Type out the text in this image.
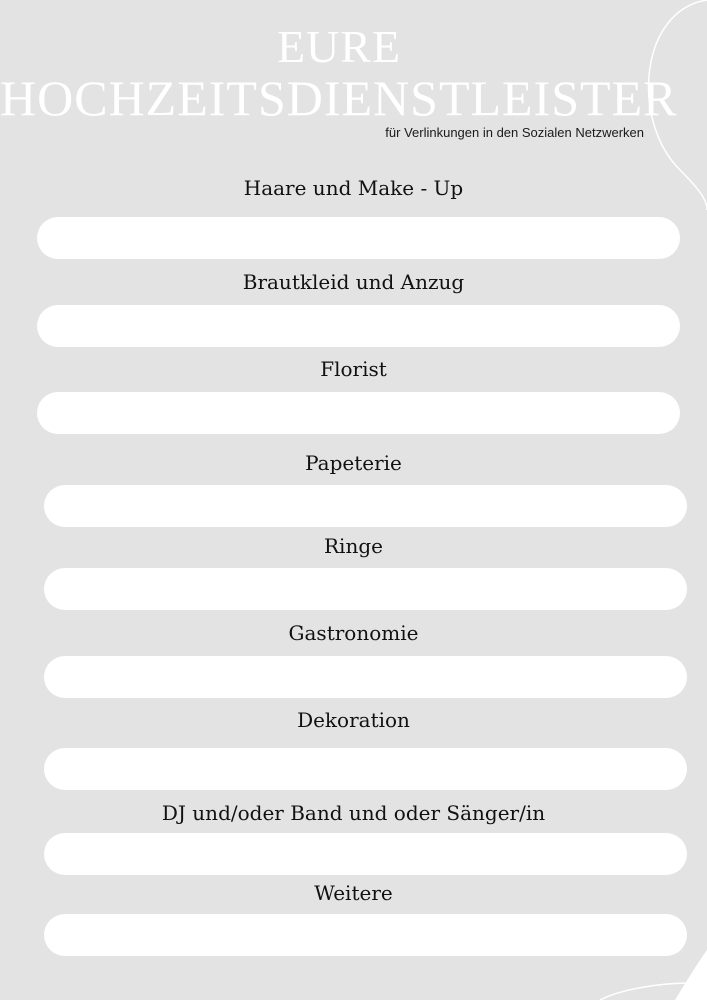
EURE
HOCHZEITSDIENSTLEISTER
für Verlinkungen in den Sozialen Netzwerken
Haare und Make - Up
Brautkleid und Anzug
Florist
Papeterie
Ringe
Gastronomie
Dekoration
DJ und/oder Band und oder Sänger/in
Weitere
